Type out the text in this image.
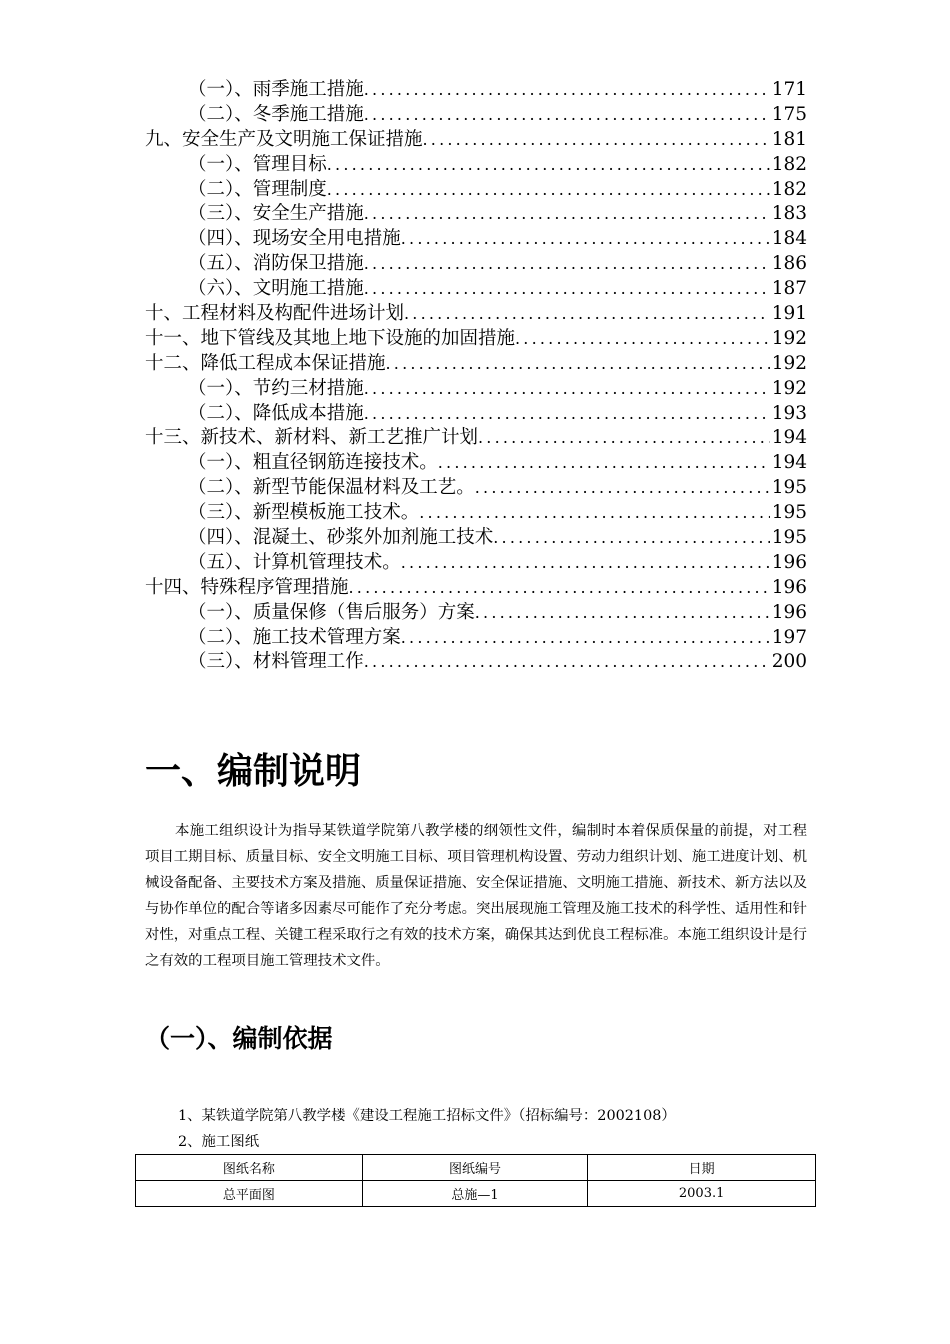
（一）、雨季施工措施 .....	171
（二）、冬季施工措施 .....	175
九、安全生产及文明施工保证措施 .....	181
（一）、管理目标 .....	182
（二）、管理制度 .....	182
（三）、安全生产措施 .....	183
（四）、现场安全用电措施 .....	184
（五）、消防保卫措施 .....	186
（六）、文明施工措施 .....	187
十、工程材料及构配件进场计划 .....	191
十一、地下管线及其地上地下设施的加固措施 .....	192
十二、降低工程成本保证措施 .....	192
（一）、节约三材措施 .....	192
（二）、降低成本措施 .....	193
十三、新技术、新材料、新工艺推广计划 .....	194
（一）、粗直径钢筋连接技术。 .....	194
（二）、新型节能保温材料及工艺。 .....	195
（三）、新型模板施工技术。 .....	195
（四）、混凝土、砂浆外加剂施工技术 .....	195
（五）、计算机管理技术。 .....	196
十四、特殊程序管理措施 .....	196
（一）、质量保修（售后服务）方案 .....	196
（二）、施工技术管理方案 .....	197
（三）、材料管理工作 .....	200
一、编制说明

本施工组织设计为指导某铁道学院第八教学楼的纲领性文件，编制时本着保质保量的前提，对工程项目工期目标、质量目标、安全文明施工目标、项目管理机构设置、劳动力组织计划、施工进度计划、机械设备配备、主要技术方案及措施、质量保证措施、安全保证措施、文明施工措施、新技术、新方法以及与协作单位的配合等诸多因素尽可能作了充分考虑。突出展现施工管理及施工技术的科学性、适用性和针对性，对重点工程、关键工程采取行之有效的技术方案，确保其达到优良工程标准。本施工组织设计是行之有效的工程项目施工管理技术文件。

（一）、编制依据

1、某铁道学院第八教学楼《建设工程施工招标文件》（招标编号：2002108）

2、施工图纸

图纸名称	图纸编号	日期
总平面图	总施—1	2003.1
